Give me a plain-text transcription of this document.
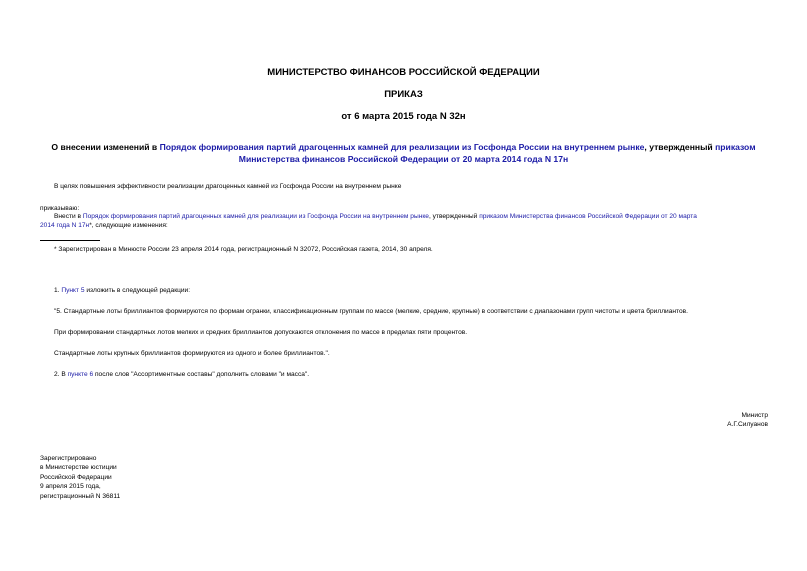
МИНИСТЕРСТВО ФИНАНСОВ РОССИЙСКОЙ ФЕДЕРАЦИИ
ПРИКАЗ
от 6 марта 2015 года N 32н
О внесении изменений в Порядок формирования партий драгоценных камней для реализации из Госфонда России на внутреннем рынке, утвержденный приказом
Министерства финансов Российской Федерации от 20 марта 2014 года N 17н
В целях повышения эффективности реализации драгоценных камней из Госфонда России на внутреннем рынке
приказываю:
Внести в Порядок формирования партий драгоценных камней для реализации из Госфонда России на внутреннем рынке, утвержденный приказом Министерства финансов Российской Федерации от 20 марта
2014 года N 17н*, следующие изменения:
* Зарегистрирован в Минюсте России 23 апреля 2014 года, регистрационный N 32072, Российская газета, 2014, 30 апреля.
1. Пункт 5 изложить в следующей редакции:
"5. Стандартные лоты бриллиантов формируются по формам огранки, классификационным группам по массе (мелкие, средние, крупные) в соответствии с диапазонами групп чистоты и цвета бриллиантов.
При формировании стандартных лотов мелких и средних бриллиантов допускаются отклонения по массе в пределах пяти процентов.
Стандартные лоты крупных бриллиантов формируются из одного и более бриллиантов.".
2. В пункте 6 после слов "Ассортиментные составы" дополнить словами "и масса".
Министр
А.Г.Силуанов
Зарегистрировано
в Министерстве юстиции
Российской Федерации
9 апреля 2015 года,
регистрационный N 36811
